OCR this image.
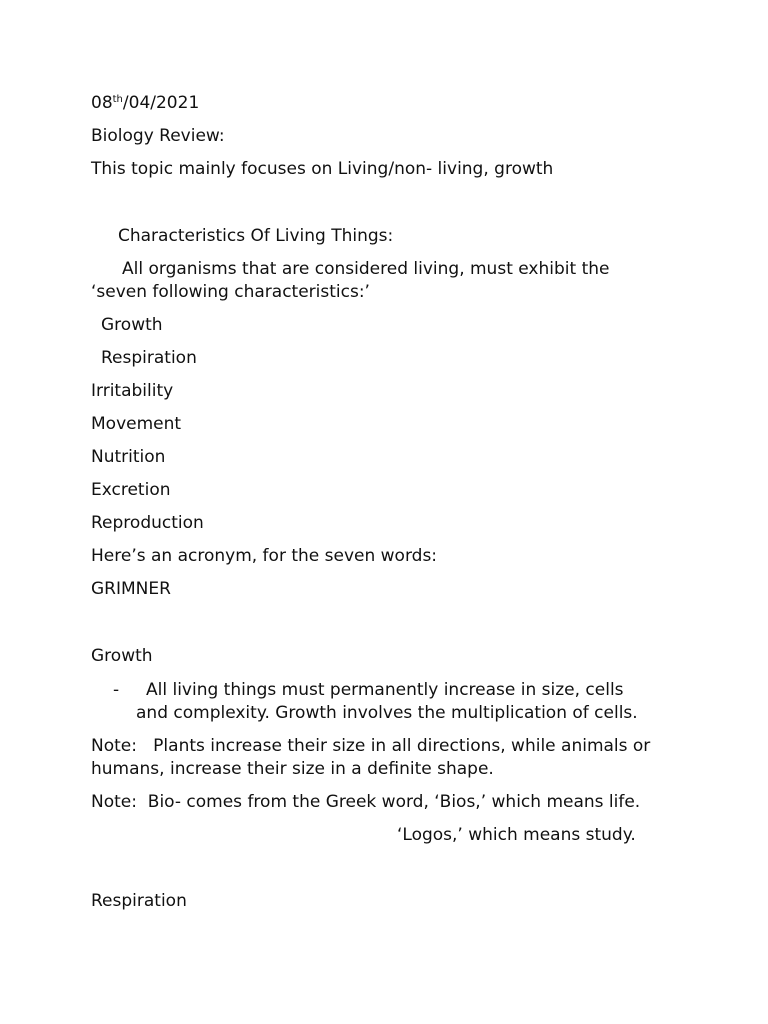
08th/04/2021
Biology Review:
This topic mainly focuses on Living/non- living, growth
Characteristics Of Living Things:
All organisms that are considered living, must exhibit the
‘seven following characteristics:’
Growth
Respiration
Irritability
Movement
Nutrition
Excretion
Reproduction
Here’s an acronym, for the seven words:
GRIMNER
Growth
- All living things must permanently increase in size, cells
and complexity. Growth involves the multiplication of cells.
Note:   Plants increase their size in all directions, while animals or
humans, increase their size in a definite shape.
Note:  Bio- comes from the Greek word, ‘Bios,’ which means life.
‘Logos,’ which means study.
Respiration
